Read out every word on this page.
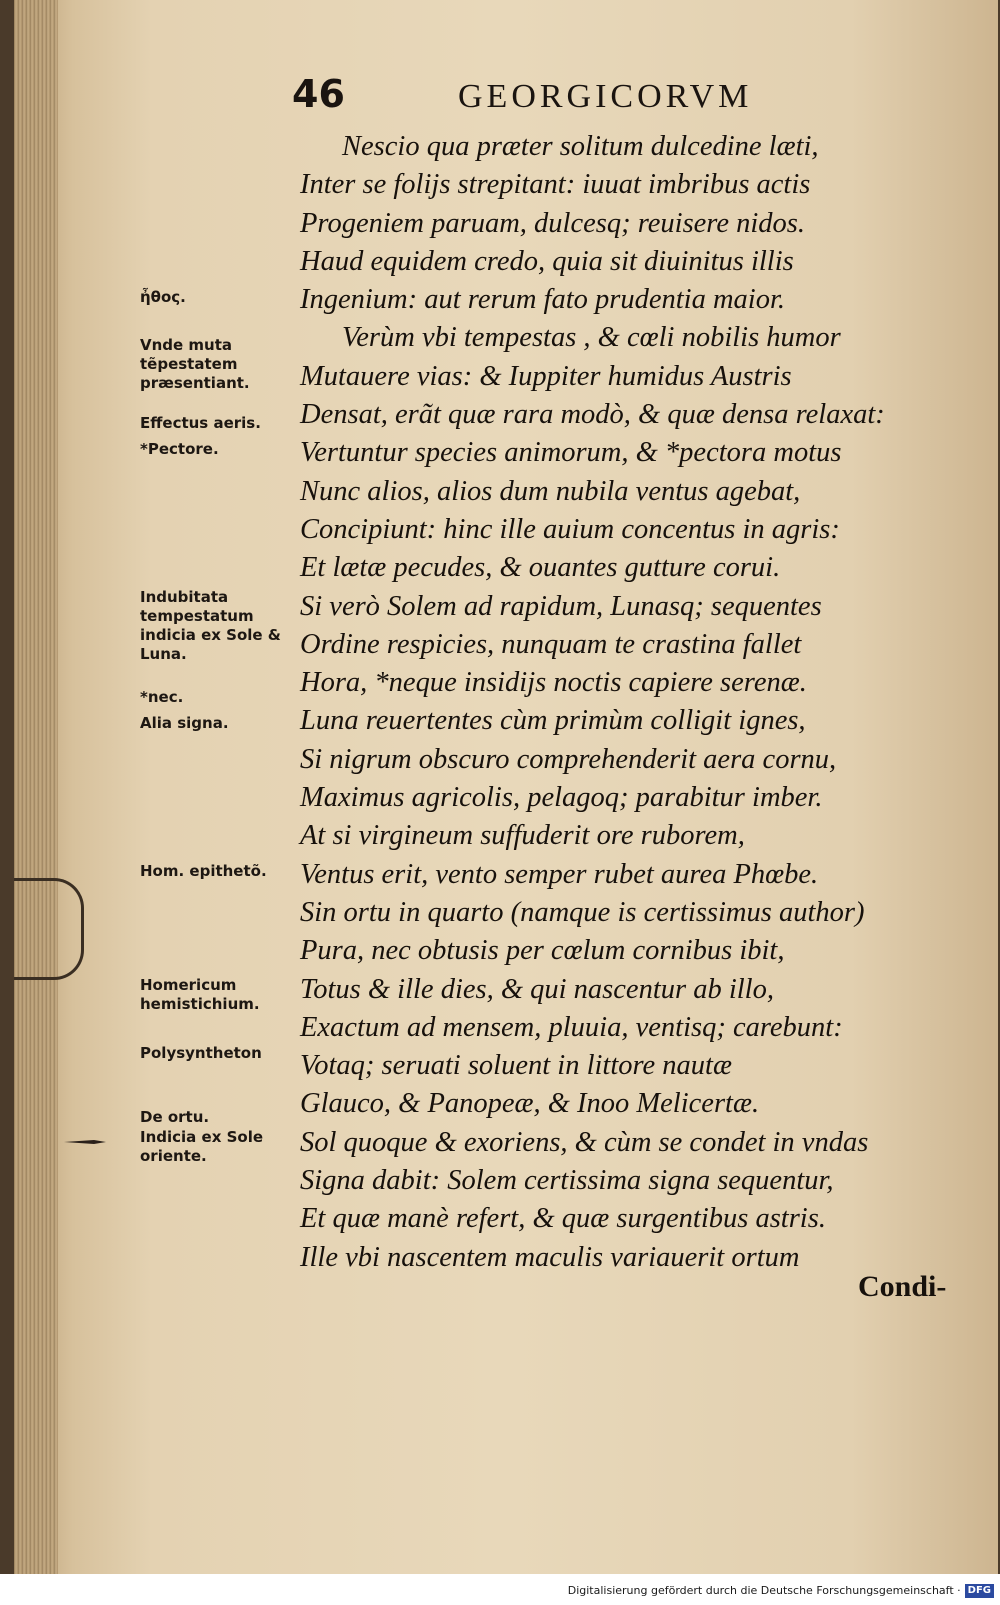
46	GEORGICORVM
Nescio qua præter solitum dulcedine læti,
Inter se folijs strepitant: iuuat imbribus actis
Progeniem paruam, dulcesq; reuisere nidos.
Haud equidem credo, quia sit diuinitus illis
Ingenium: aut rerum fato prudentia maior.
Verùm vbi tempestas , & cœli nobilis humor
Mutauere vias: & Iuppiter humidus Austris
Densat, erãt quæ rara modò, & quæ densa relaxat:
Vertuntur species animorum, & *pectora motus
Nunc alios, alios dum nubila ventus agebat,
Concipiunt: hinc ille auium concentus in agris:
Et lætæ pecudes, & ouantes gutture corui.
Si verò Solem ad rapidum, Lunasq; sequentes
Ordine respicies, nunquam te crastina fallet
Hora, *neque insidijs noctis capiere serenæ.
Luna reuertentes cùm primùm colligit ignes,
Si nigrum obscuro comprehenderit aera cornu,
Maximus agricolis, pelagoq; parabitur imber.
At si virgineum suffuderit ore ruborem,
Ventus erit, vento semper rubet aurea Phœbe.
Sin ortu in quarto (namque is certissimus author)
Pura, nec obtusis per cœlum cornibus ibit,
Totus & ille dies, & qui nascentur ab illo,
Exactum ad mensem, pluuia, ventisq; carebunt:
Votaq; seruati soluent in littore nautæ
Glauco, & Panopeæ, & Inoo Melicertæ.
Sol quoque & exoriens, & cùm se condet in vndas
Signa dabit: Solem certissima signa sequentur,
Et quæ manè refert, & quæ surgentibus astris.
Ille vbi nascentem maculis variauerit ortum
Condi-
ἦθος.
Vnde muta tẽpestatem præsentiant.
Effectus aeris.
*Pectore.
Indubitata tempestatum indicia ex Sole & Luna.
*nec.
Alia signa.
Hom. epithetõ.
Homericum hemistichium.
Polysyntheton
De ortu.
Indicia ex Sole oriente.
Digitalisierung gefördert durch die Deutsche Forschungsgemeinschaft · DFG
